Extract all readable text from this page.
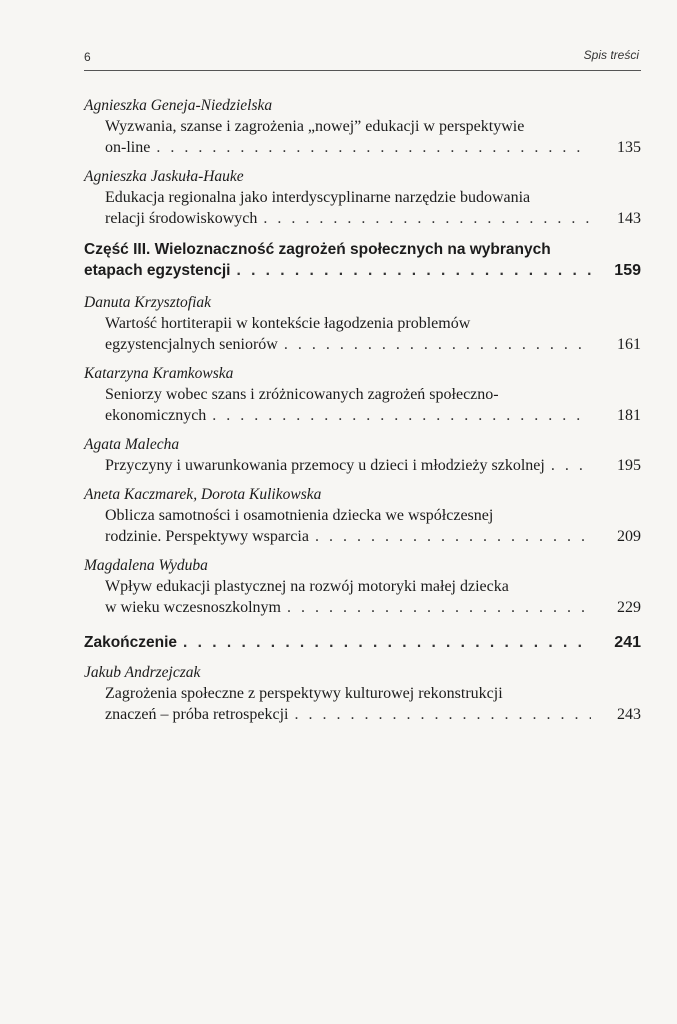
6	Spis treści
Agnieszka Geneja-Niedzielska
Wyzwania, szanse i zagrożenia „nowej” edukacji w perspektywie
on-line . . .	135
Agnieszka Jaskuła-Hauke
Edukacja regionalna jako interdyscyplinarne narzędzie budowania
relacji środowiskowych . . .	143
Część III. Wieloznaczność zagrożeń społecznych na wybranych
etapach egzystencji . . .	159
Danuta Krzysztofiak
Wartość hortiterapii w kontekście łagodzenia problemów
egzystencjalnych seniorów . . .	161
Katarzyna Kramkowska
Seniorzy wobec szans i zróżnicowanych zagrożeń społeczno-
ekonomicznych . . .	181
Agata Malecha
Przyczyny i uwarunkowania przemocy u dzieci i młodzieży szkolnej . . .	195
Aneta Kaczmarek, Dorota Kulikowska
Oblicza samotności i osamotnienia dziecka we współczesnej
rodzinie. Perspektywy wsparcia . . .	209
Magdalena Wyduba
Wpływ edukacji plastycznej na rozwój motoryki małej dziecka
w wieku wczesnoszkolnym . . .	229
Zakończenie . . .	241
Jakub Andrzejczak
Zagrożenia społeczne z perspektywy kulturowej rekonstrukcji
znaczeń – próba retrospekcji . . .	243
